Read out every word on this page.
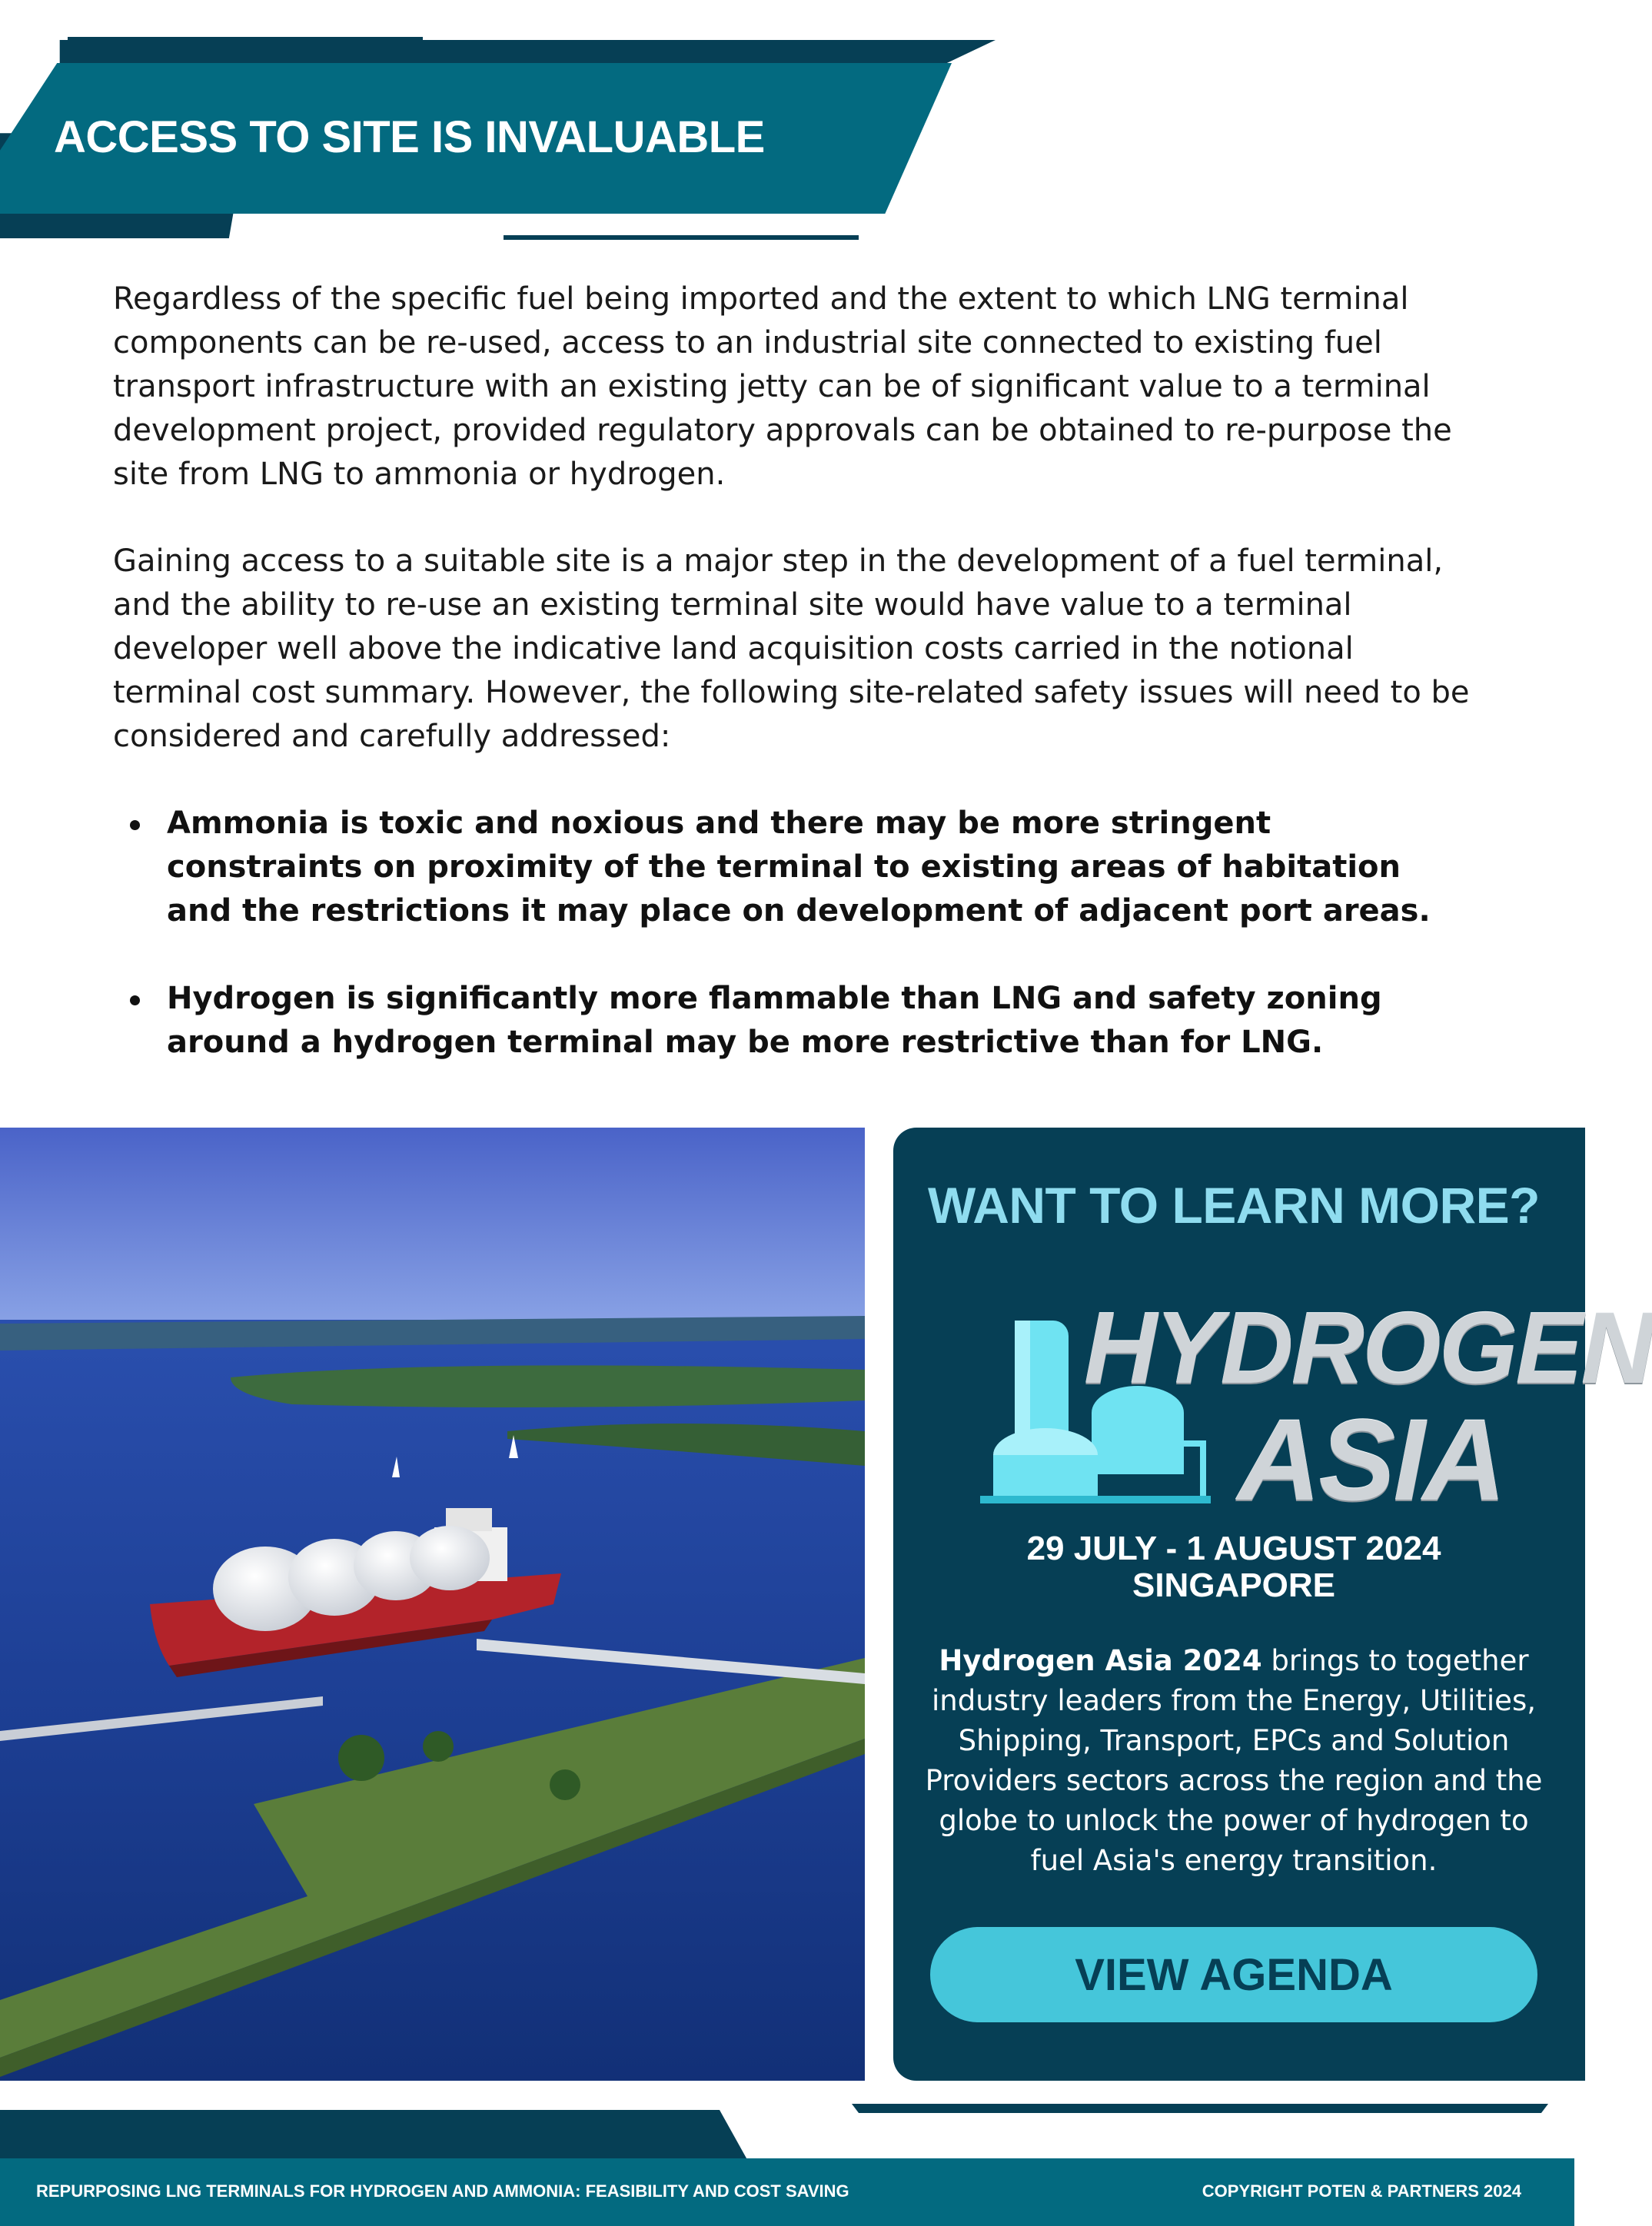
ACCESS TO SITE IS INVALUABLE

Regardless of the specific fuel being imported and the extent to which LNG terminal components can be re-used, access to an industrial site connected to existing fuel transport infrastructure with an existing jetty can be of significant value to a terminal development project, provided regulatory approvals can be obtained to re-purpose the site from LNG to ammonia or hydrogen.

Gaining access to a suitable site is a major step in the development of a fuel terminal, and the ability to re-use an existing terminal site would have value to a terminal developer well above the indicative land acquisition costs carried in the notional terminal cost summary. However, the following site-related safety issues will need to be considered and carefully addressed:

Ammonia is toxic and noxious and there may be more stringent constraints on proximity of the terminal to existing areas of habitation and the restrictions it may place on development of adjacent port areas.
Hydrogen is significantly more flammable than LNG and safety zoning around a hydrogen terminal may be more restrictive than for LNG.
WANT TO LEARN MORE?
HYDROGEN
ASIA
29 JULY - 1 AUGUST 2024
SINGAPORE

Hydrogen Asia 2024 brings to together industry leaders from the Energy, Utilities, Shipping, Transport, EPCs and Solution Providers sectors across the region and the globe to unlock the power of hydrogen to fuel Asia's energy transition.

VIEW AGENDA
REPURPOSING LNG TERMINALS FOR HYDROGEN AND AMMONIA: FEASIBILITY AND COST SAVING	COPYRIGHT POTEN & PARTNERS 2024
